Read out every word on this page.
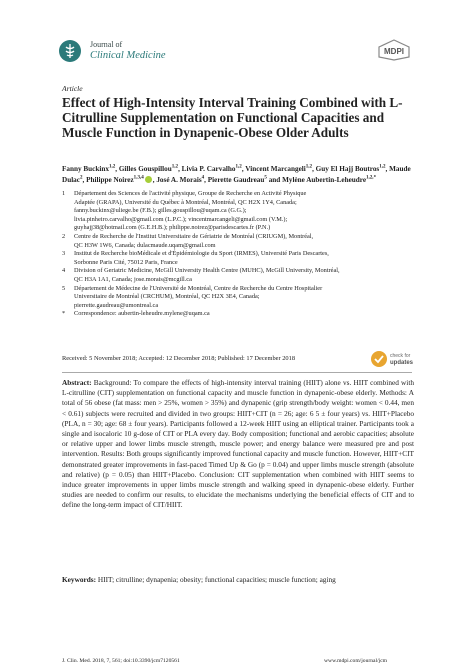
Journal of
Clinical Medicine	MDPI
Article
Effect of High-Intensity Interval Training Combined with L-Citrulline Supplementation on Functional Capacities and Muscle Function in Dynapenic-Obese Older Adults
Fanny Buckinx$^{1,2}$, Gilles Gouspillou$^{1,2}$, Livia P. Carvalho$^{1,2}$, Vincent Marcangeli$^{1,2}$, Guy El Hajj Boutros$^{1,2}$, Maude Dulac$^2$, Philippe Noirez$^{1,3,4}$ , José A. Morais$^4$, Pierette Gaudreau$^5$ and Mylène Aubertin-Leheudre$^{1,2,*}$
1 Département des Sciences de l'activité physique, Groupe de Recherche en Activité Physique
Adaptée (GRAPA), Université du Québec à Montréal, Montréal, QC H2X 1Y4, Canada;
fanny.buckinx@uliege.be (F.B.); gilles.gouspillou@uqam.ca (G.G.);
livia.pinheiro.carvalho@gmail.com (L.P.C.); vincentmarcangeli@gmail.com (V.M.);
guyhajj38@hotmail.com (G.E.H.B.); philippe.noirez@parisdescartes.fr (P.N.)
2 Centre de Recherche de l'Institut Universitaire de Gériatrie de Montréal (CRIUGM), Montréal,
QC H3W 1W6, Canada; dulacmaude.uqam@gmail.com
3 Institut de Recherche bioMédicale et d'Épidémiologie du Sport (IRMES), Université Paris Descartes,
Sorbonne Paris Cité, 75012 Paris, France
4 Division of Geriatric Medicine, McGill University Health Centre (MUHC), McGill University, Montréal,
QC H3A 1A1, Canada; jose.morais@mcgill.ca
5 Département de Médecine de l'Université de Montréal, Centre de Recherche du Centre Hospitalier
Universitaire de Montréal (CRCHUM), Montréal, QC H2X 3E4, Canada;
pierrette.gaudreau@umontreal.ca
* Correspondence: aubertin-leheudre.mylene@uqam.ca
Received: 5 November 2018; Accepted: 12 December 2018; Published: 17 December 2018	check for
updates

Abstract: Background: To compare the effects of high-intensity interval training (HIIT) alone vs. HIIT combined with L-citrulline (CIT) supplementation on functional capacity and muscle function in dynapenic-obese elderly. Methods: A total of 56 obese (fat mass: men > 25%, women > 35%) and dynapenic (grip strength/body weight: women < 0.44, men < 0.61) subjects were recruited and divided in two groups: HIIT+CIT (n = 26; age: 6 5 ± four years) vs. HIIT+Placebo (PLA, n = 30; age: 68 ± four years). Participants followed a 12-week HIIT using an elliptical trainer. Participants took a single and isocaloric 10 g-dose of CIT or PLA every day. Body composition; functional and aerobic capacities; absolute or relative upper and lower limbs muscle strength, muscle power; and energy balance were measured pre and post intervention. Results: Both groups significantly improved functional capacity and muscle function. However, HIIT+CIT demonstrated greater improvements in fast-paced Timed Up & Go (p = 0.04) and upper limbs muscle strength (absolute and relative) (p = 0.05) than HIIT+Placebo. Conclusion: CIT supplementation when combined with HIIT seems to induce greater improvements in upper limbs muscle strength and walking speed in dynapenic-obese elderly. Further studies are needed to confirm our results, to elucidate the mechanisms underlying the beneficial effects of CIT and to define the long-term impact of CIT/HIIT.

Keywords: HIIT; citrulline; dynapenia; obesity; functional capacities; muscle function; aging
J. Clin. Med. 2018, 7, 561; doi:10.3390/jcm7120561	www.mdpi.com/journal/jcm
